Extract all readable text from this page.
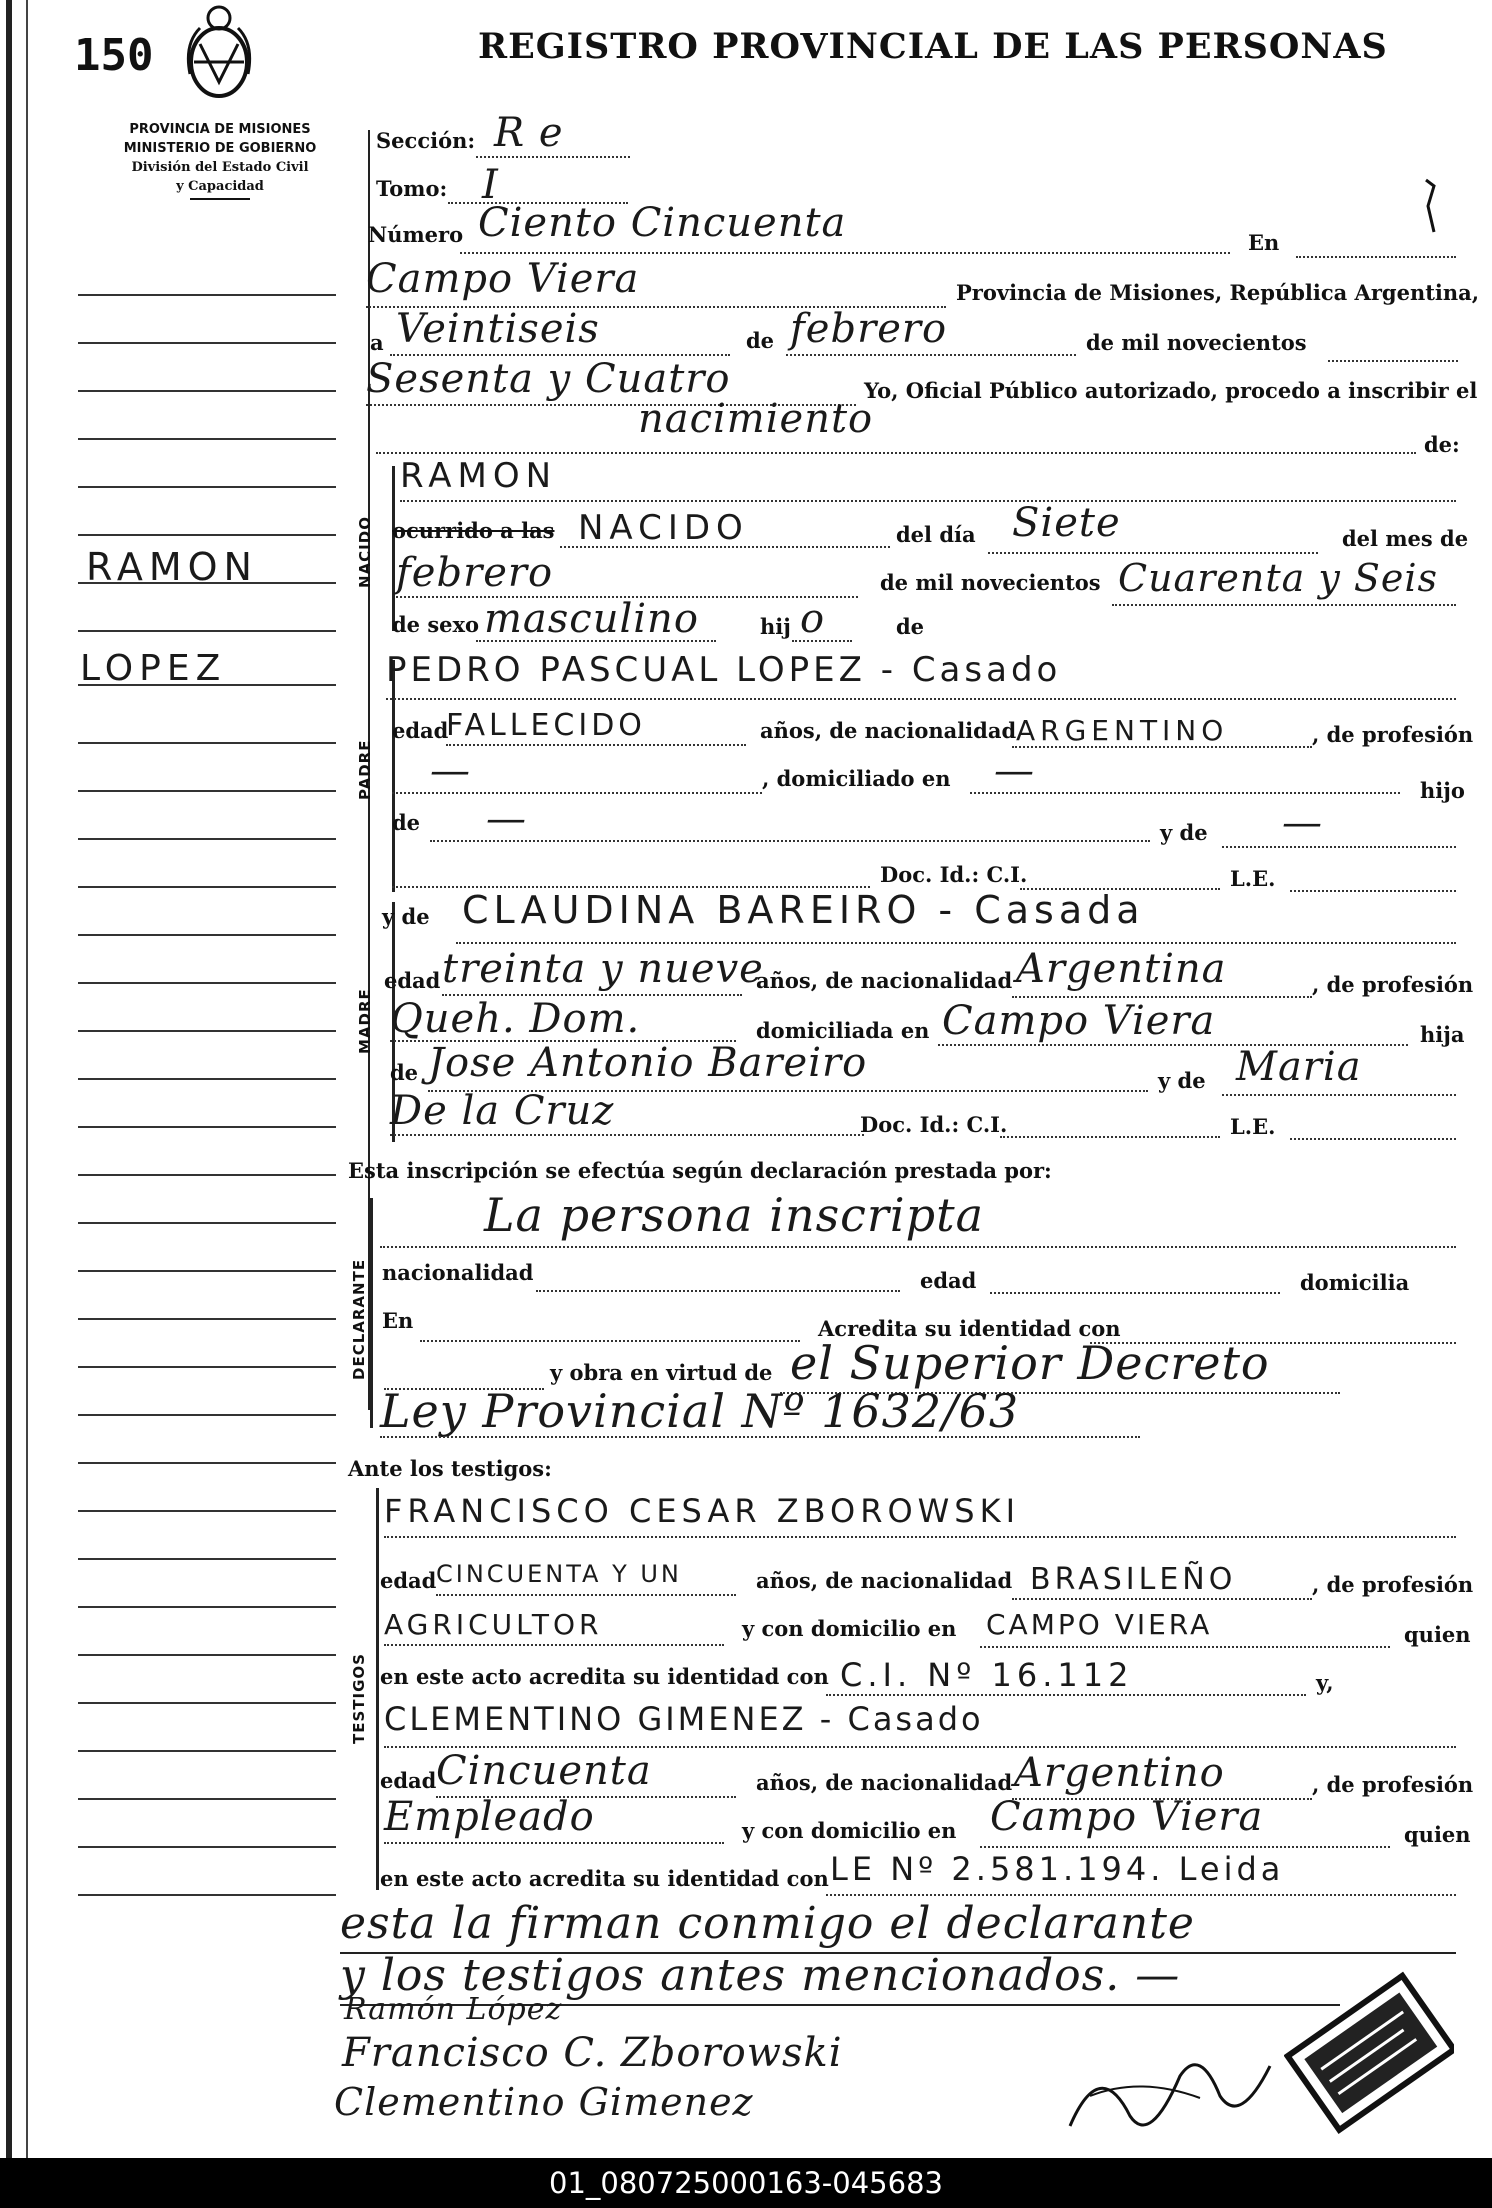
150	REGISTRO PROVINCIAL DE LAS PERSONAS
PROVINCIA DE MISIONES
MINISTERIO DE GOBIERNO
División del Estado Civil
y Capacidad
RAMON
LOPEZ
Sección: R e
Tomo: I
Número Ciento Cincuenta	En
Campo Viera	Provincia de Misiones, República Argentina,
a Veintiseis	de febrero	de mil novecientos
Sesenta y Cuatro	Yo, Oficial Público autorizado, procedo a inscribir el
nacimiento
de:
NACIDO
RAMON
ocurrido a las NACIDO	del día Siete	del mes de
febrero	de mil novecientos Cuarenta y Seis
de sexo masculino	hij o	de
PADRE
PEDRO PASCUAL LOPEZ - Casado
edad
FALLECIDO	años, de nacionalidad ARGENTINO	, de profesión
—	, domiciliado en —	hijo
de —	y de —
Doc. Id.: C.I.	L.E.
MADRE
y de CLAUDINA BAREIRO - Casada
edad treinta y nueve
años, de nacionalidad Argentina	, de profesión
Queh. Dom.	domiciliada en Campo Viera	hija
de Jose Antonio Bareiro	y de Maria
De la Cruz	Doc. Id.: C.I.	L.E.
Esta inscripción se efectúa según declaración prestada por:
DECLARANTE
La persona inscripta
nacionalidad	edad	domicilia
En	Acredita su identidad con
y obra en virtud de el Superior Decreto
Ley Provincial Nº 1632/63
Ante los testigos:
TESTIGOS
FRANCISCO CESAR ZBOROWSKI
edad CINCUENTA Y UN	años, de nacionalidad BRASILEÑO	, de profesión
AGRICULTOR	y con domicilio en CAMPO VIERA	quien
en este acto acredita su identidad con C.I. Nº 16.112	y,
CLEMENTINO GIMENEZ - Casado
edad Cincuenta	años, de nacionalidad Argentino	, de profesión
Empleado	y con domicilio en Campo Viera	quien
en este acto acredita su identidad con LE Nº 2.581.194. Leida
esta la firman conmigo el declarante
y los testigos antes mencionados. —
Ramón López
Francisco C. Zborowski
Clementino Gimenez
01_080725000163-045683
